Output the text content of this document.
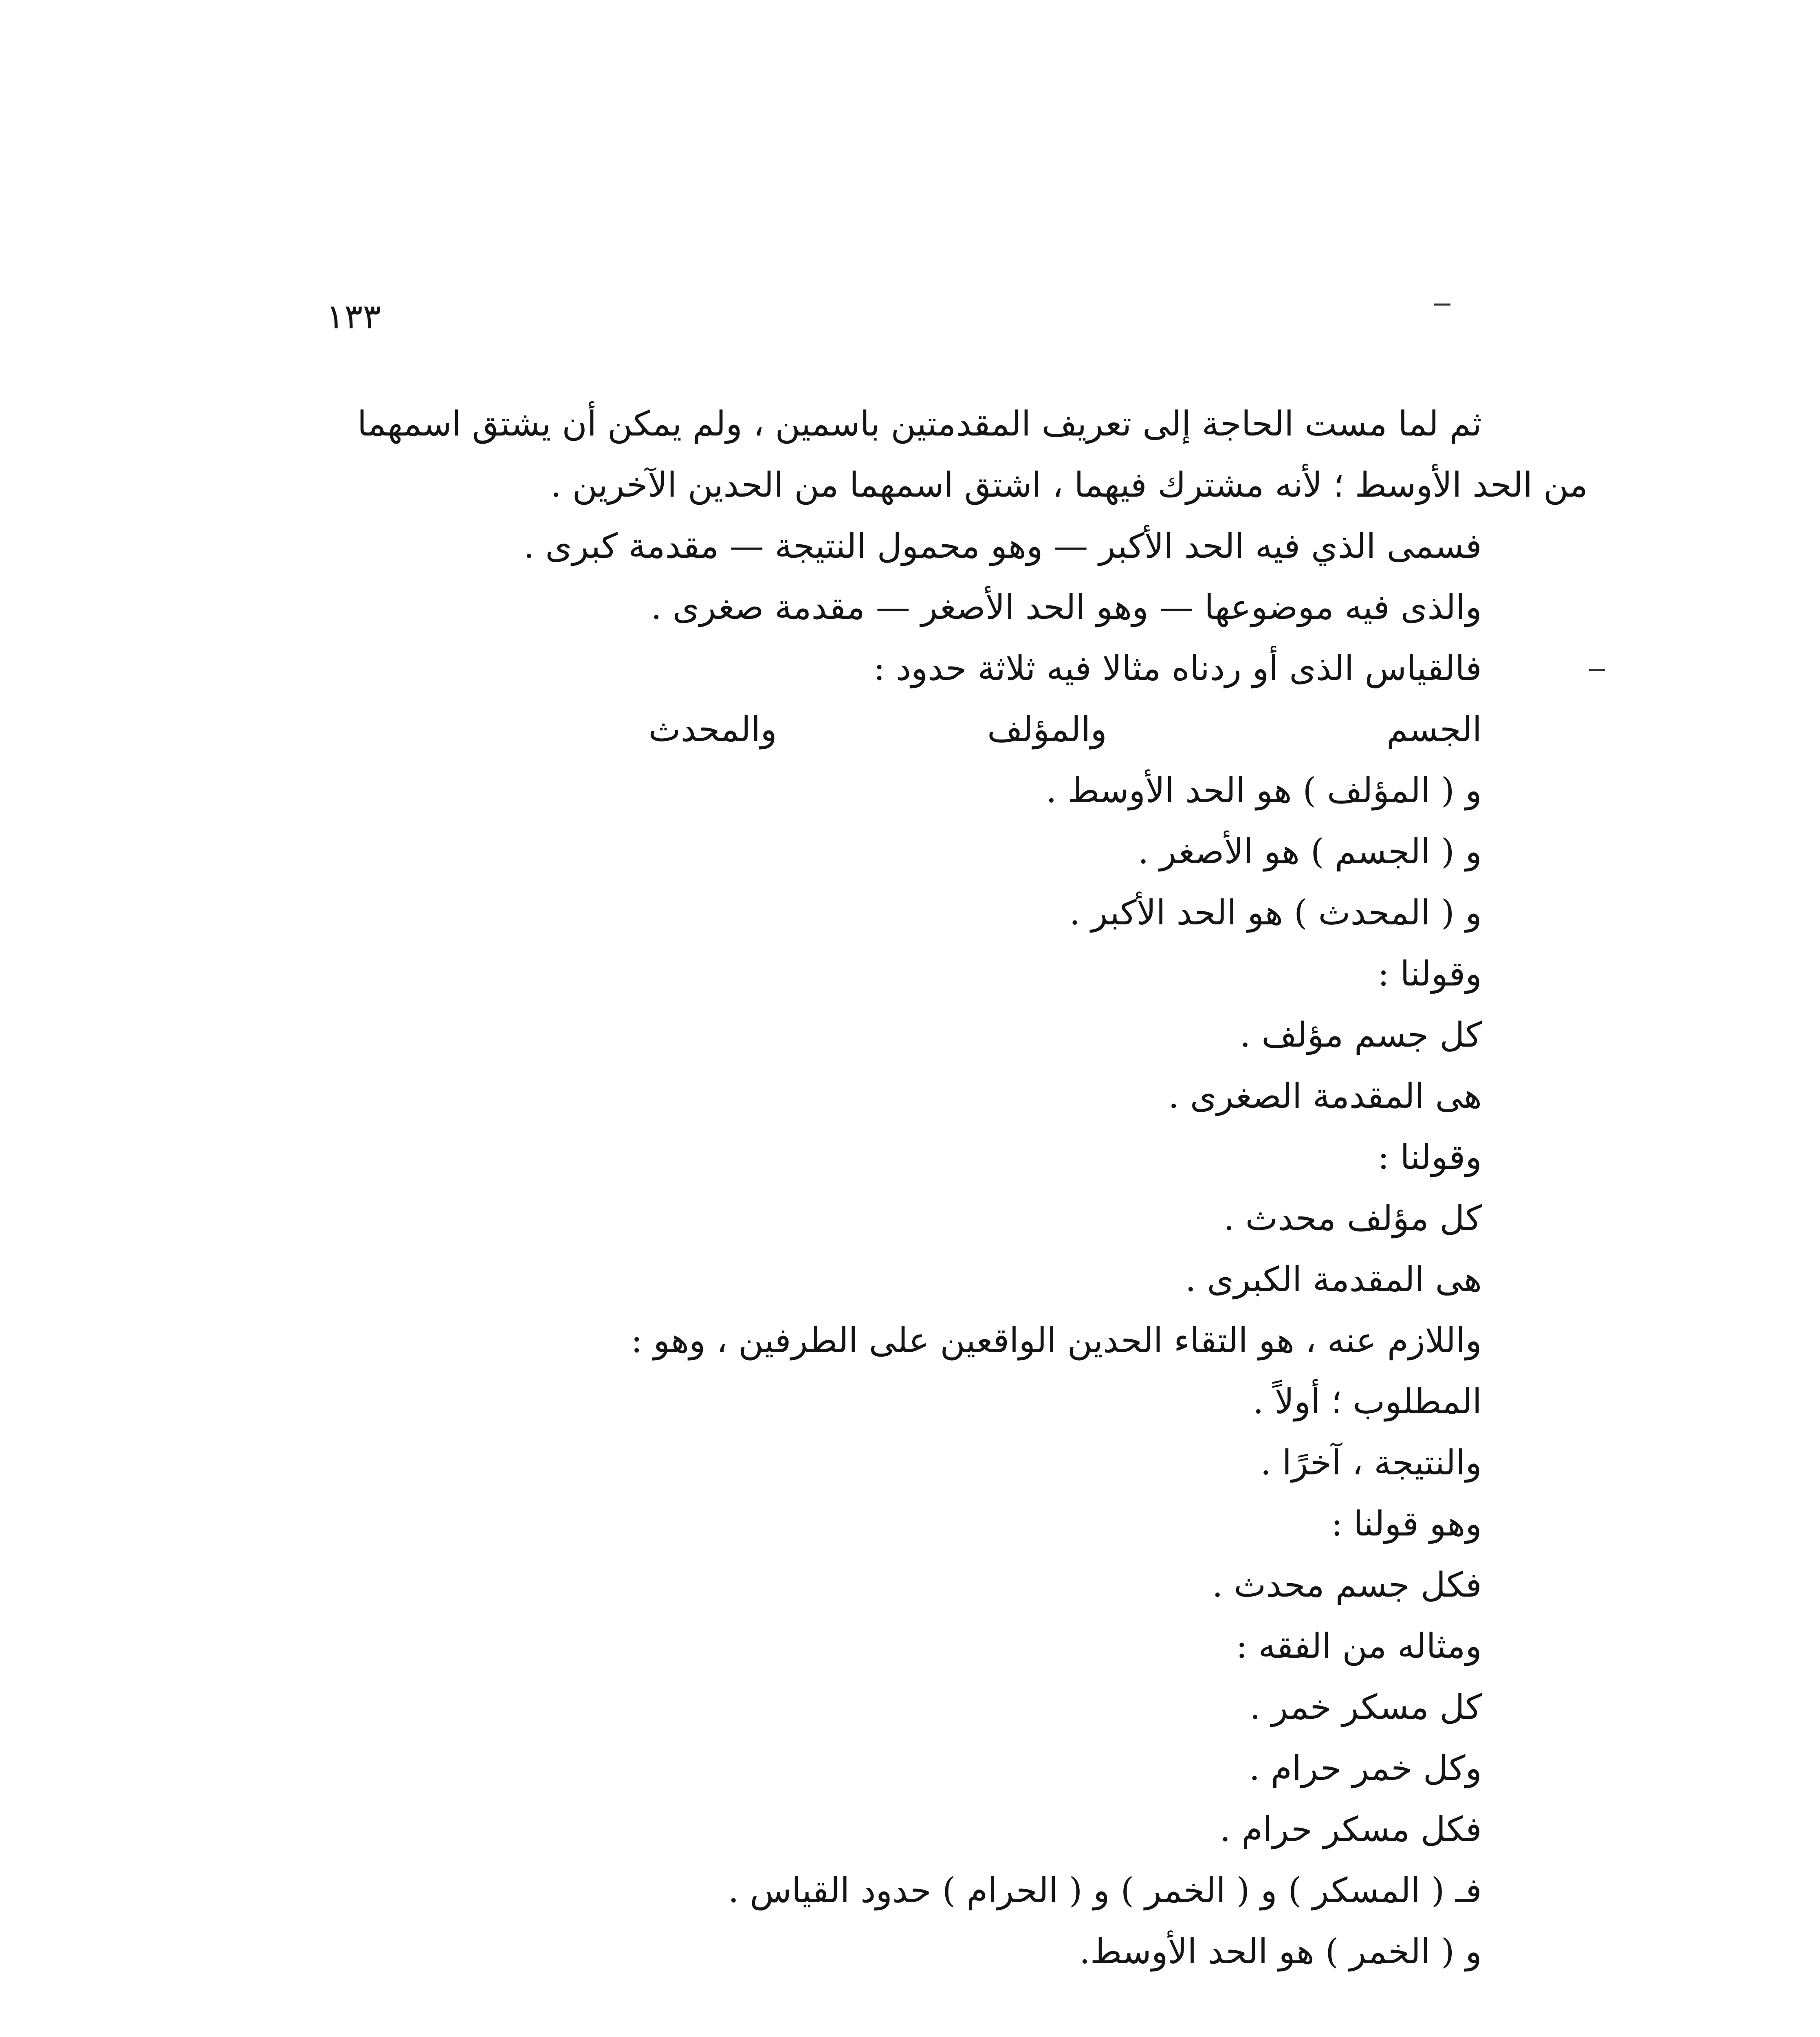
١٣٣
ثم لما مست الحاجة إلى تعريف المقدمتين باسمين ، ولم يمكن أن يشتق اسمهما
من الحد الأوسط ؛ لأنه مشترك فيهما ، اشتق اسمهما من الحدين الآخرين .
فسمى الذي فيه الحد الأكبر — وهو محمول النتيجة — مقدمة كبرى .
والذى فيه موضوعها — وهو الحد الأصغر — مقدمة صغرى .
فالقياس الذى أو ردناه مثالا فيه ثلاثة حدود :
الجسم
والمؤلف
والمحدث
و ( المؤلف ) هو الحد الأوسط .
و ( الجسم ) هو الأصغر .
و ( المحدث ) هو الحد الأكبر .
وقولنا :
كل جسم مؤلف .
هى المقدمة الصغرى .
وقولنا :
كل مؤلف محدث .
هى المقدمة الكبرى .
واللازم عنه ، هو التقاء الحدين الواقعين على الطرفين ، وهو :
المطلوب ؛ أولاً .
والنتيجة ، آخرًا .
وهو قولنا :
فكل جسم محدث .
ومثاله من الفقه :
كل مسكر خمر .
وكل خمر حرام .
فكل مسكر حرام .
فـ ( المسكر ) و ( الخمر ) و ( الحرام ) حدود القياس .
و ( الخمر ) هو الحد الأوسط.
